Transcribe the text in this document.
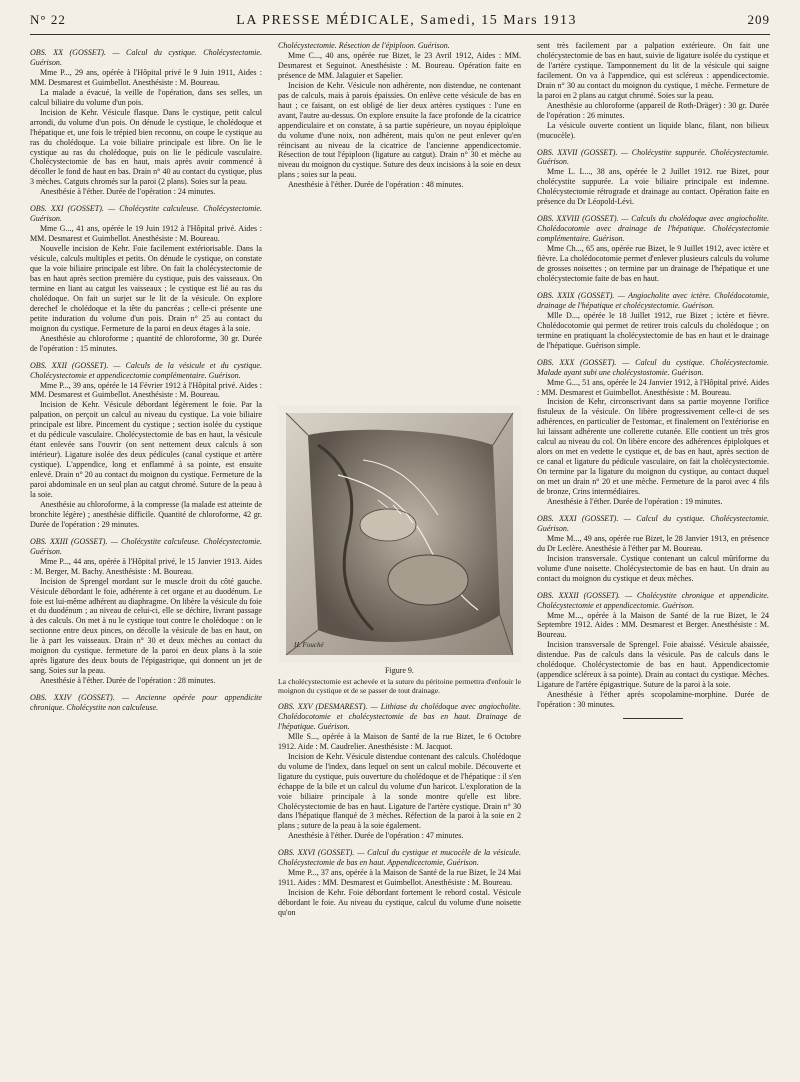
N° 22	LA PRESSE MÉDICALE, Samedi, 15 Mars 1913	209

OBS. XX (GOSSET). — Calcul du cystique. Cholécystectomie. Guérison.

Mme P..., 29 ans, opérée à l'Hôpital privé le 9 Juin 1911, Aides : MM. Desmarest et Guimbellot. Anesthésiste : M. Boureau.

La malade a évacué, la veille de l'opération, dans ses selles, un calcul biliaire du volume d'un pois.

Incision de Kehr. Vésicule flasque. Dans le cystique, petit calcul arrondi, du volume d'un pois. On dénude le cystique, le cholédoque et l'hépatique et, une fois le trépied bien reconnu, on coupe le cystique au ras du cholédoque. La voie biliaire principale est libre. On lie le cystique au ras du cholédoque, puis on lie le pédicule vasculaire. Cholécystectomie de bas en haut, mais après avoir commencé à décoller le fond de haut en bas. Drain n° 40 au contact du cystique, plus 3 mèches. Catguts chromés sur la paroi (2 plans). Soies sur la peau.

Anesthésie à l'éther. Durée de l'opération : 24 minutes.

OBS. XXI (GOSSET). — Cholécystite calculeuse. Cholécystectomie. Guérison.

Mme G..., 41 ans, opérée le 19 Juin 1912 à l'Hôpital privé. Aides : MM. Desmarest et Guimbellot. Anesthésiste : M. Boureau.

Nouvelle incision de Kehr. Foie facilement extériorisable. Dans la vésicule, calculs multiples et petits. On dénude le cystique, on constate que la voie biliaire principale est libre. On fait la cholécystectomie de bas en haut après section première du cystique, puis des vaisseaux. On termine en liant au catgut les vaisseaux ; le cystique est lié au ras du cholédoque. On fait un surjet sur le lit de la vésicule. On explore derechef le cholédoque et la tête du pancréas ; celle-ci présente une petite induration du volume d'un pois. Drain n° 25 au contact du moignon du cystique. Fermeture de la paroi en deux étages à la soie.

Anesthésie au chloroforme ; quantité de chloroforme, 30 gr. Durée de l'opération : 15 minutes.

OBS. XXII (GOSSET). — Calculs de la vésicule et du cystique. Cholécystectomie et appendicectomie complémentaire. Guérison.

Mme P..., 39 ans, opérée le 14 Février 1912 à l'Hôpital privé. Aides : MM. Desmarest et Guimbellot. Anesthésiste : M. Boureau.

Incision de Kehr. Vésicule débordant légèrement le foie. Par la palpation, on perçoit un calcul au niveau du cystique. La voie biliaire principale est libre. Pincement du cystique ; section isolée du cystique et du pédicule vasculaire. Cholécystectomie de bas en haut, la vésicule étant enlevée sans l'ouvrir (on sent nettement deux calculs à son intérieur). Ligature isolée des deux pédicules (canal cystique et artère cystique). L'appendice, long et enflammé à sa pointe, est ensuite enlevé. Drain n° 20 au contact du moignon du cystique. Fermeture de la paroi abdominale en un seul plan au catgut chromé. Suture de la peau à la soie.

Anesthésie au chloroforme, à la compresse (la malade est atteinte de bronchite légère) ; anesthésie difficile. Quantité de chloroforme, 42 gr. Durée de l'opération : 29 minutes.

OBS. XXIII (GOSSET). — Cholécystite calculeuse. Cholécystectomie. Guérison.

Mme P..., 44 ans, opérée à l'Hôpital privé, le 15 Janvier 1913. Aides : M. Berger, M. Bachy. Anesthésiste : M. Boureau.

Incision de Sprengel mordant sur le muscle droit du côté gauche. Vésicule débordant le foie, adhérente à cet organe et au duodénum. Le foie est lui-même adhérent au diaphragme. On libère la vésicule du foie et du duodénum ; au niveau de celui-ci, elle se déchire, livrant passage à des calculs. On met à nu le cystique tout contre le cholédoque : on le sectionne entre deux pinces, on décolle la vésicule de bas en haut, on lie à part les vaisseaux. Drain n° 30 et deux mèches au contact du moignon du cystique. fermeture de la paroi en deux plans à la soie après ligature des deux bouts de l'épigastrique, qui donnent un jet de sang. Soies sur la peau.

Anesthésie à l'éther. Durée de l'opération : 28 minutes.

OBS. XXIV (GOSSET). — Ancienne opérée pour appendicite chronique. Cholécystite non calculeuse.

Cholécystectomie. Résection de l'épiploon. Guérison.

Mme C..., 40 ans, opérée rue Bizet, le 23 Avril 1912, Aides : MM. Desmarest et Seguinot. Anesthésiste : M. Boureau. Opération faite en présence de MM. Jalaguier et Sapelier.

Incision de Kehr. Vésicule non adhérente, non distendue, ne contenant pas de calculs, mais à parois épaissies. On enlève cette vésicule de bas en haut ; ce faisant, on est obligé de lier deux artères cystiques : l'une en avant, l'autre au-dessus. On explore ensuite la face profonde de la cicatrice appendiculaire et on constate, à sa partie supérieure, un noyau épiploïque du volume d'une noix, non adhérent, mais qu'on ne peut enlever qu'en réincisant au niveau de la cicatrice de l'ancienne appendicectomie. Résection de tout l'épiploon (ligature au catgut). Drain n° 30 et mèche au niveau du moignon du cystique. Suture des deux incisions à la soie en deux plans ; soies sur la peau.

Anesthésie à l'éther. Durée de l'opération : 48 minutes.

H. Fouché
Figure 9.
La cholécystectomie est achevée et la suture du péritoine permettra d'enfouir le moignon du cystique et de se passer de tout drainage.

OBS. XXV (DESMAREST). — Lithiase du cholédoque avec angiocholite. Cholédocotomie et cholécystectomie de bas en haut. Drainage de l'hépatique. Guérison.

Mlle S..., opérée à la Maison de Santé de la rue Bizet, le 6 Octobre 1912. Aide : M. Caudrelier. Anesthésiste : M. Jacquot.

Incision de Kehr. Vésicule distendue contenant des calculs. Cholédoque du volume de l'index, dans lequel on sent un calcul mobile. Découverte et ligature du cystique, puis ouverture du cholédoque et de l'hépatique : il s'en échappe de la bile et un calcul du volume d'un haricot. L'exploration de la voie biliaire principale à la sonde montre qu'elle est libre. Cholécystectomie de bas en haut. Ligature de l'artère cystique. Drain n° 30 dans l'hépatique flanqué de 3 mèches. Réfection de la paroi à la soie en 2 plans ; suture de la peau à la soie également.

Anesthésie à l'éther. Durée de l'opération : 47 minutes.

OBS. XXVI (GOSSET). — Calcul du cystique et mucocèle de la vésicule. Cholécystectomie de bas en haut. Appendicectomie, Guérison.

Mme P..., 37 ans, opérée à la Maison de Santé de la rue Bizet, le 24 Mai 1911. Aides : MM. Desmarest et Guimbellot. Anesthésiste : M. Boureau.

Incision de Kehr. Foie débordant fortement le rebord costal. Vésicule débordant le foie. Au niveau du cystique, calcul du volume d'une noisette qu'on

sent très facilement par a palpation extérieure. On fait une cholécystectomie de bas en haut, suivie de ligature isolée du cystique et de l'artère cystique. Tamponnement du lit de la vésicule qui saigne facilement. On va à l'appendice, qui est scléreux : appendicectomie. Drain n° 30 au contact du moignon du cystique, 1 mèche. Fermeture de la paroi en 2 plans au catgut chromé. Soies sur la peau.

Anesthésie au chloroforme (appareil de Roth-Dräger) : 30 gr. Durée de l'opération : 26 minutes.

La vésicule ouverte contient un liquide blanc, filant, non bilieux (mucocèle).

OBS. XXVII (GOSSET). — Cholécystite suppurée. Cholécystectomie. Guérison.

Mme L. L..., 38 ans, opérée le 2 Juillet 1912. rue Bizet, pour cholécystite suppurée. La voie biliaire principale est indemne. Cholécystectomie rétrograde et drainage au contact. Opération faite en présence du Dr Léopold-Lévi.

OBS. XXVIII (GOSSET). — Calculs du cholédoque avec angiocholite. Cholédocotomie avec drainage de l'hépatique. Cholécystectomie complémentaire. Guérison.

Mme Ch..., 65 ans, opérée rue Bizet, le 9 Juillet 1912, avec ictère et fièvre. La cholédocotomie permet d'enlever plusieurs calculs du volume de grosses noisettes ; on termine par un drainage de l'hépatique et une cholécystectomie faite de bas en haut.

OBS. XXIX (GOSSET). — Angiocholite avec ictère. Cholédocotomie, drainage de l'hépatique et cholécystectomie. Guérison.

Mlle D..., opérée le 18 Juillet 1912, rue Bizet ; ictère et fièvre. Cholédocotomie qui permet de retirer trois calculs du cholédoque ; on termine en pratiquant la cholécystectomie de bas en haut et le drainage de l'hépatique. Guérison simple.

OBS. XXX (GOSSET). — Calcul du cystique. Cholécystectomie. Malade ayant subi une cholécystostomie. Guérison.

Mme G..., 51 ans, opérée le 24 Janvier 1912, à l'Hôpital privé. Aides : MM. Desmarest et Guimbellot. Anesthésiste : M. Boureau.

Incision de Kehr, circonscrivant dans sa partie moyenne l'orifice fistuleux de la vésicule. On libère progressivement celle-ci de ses adhérences, en particulier de l'estomac, et finalement on l'extériorise en lui laissant adhérente une collerette cutanée. Elle contient un très gros calcul au niveau du col. On libère encore des adhérences épiploïques et alors on met en vedette le cystique et, de bas en haut, après section de ce canal et ligature du pédicule vasculaire, on fait la cholécystectomie. On termine par la ligature du moignon du cystique, au contact duquel on met un drain n° 20 et une mèche. Fermeture de la paroi avec 4 fils de bronze, Crins intermédiaires.

Anesthésie à l'éther. Durée de l'opération : 19 minutes.

OBS. XXXI (GOSSET). — Calcul du cystique. Cholécystectomie. Guérison.

Mme M..., 49 ans, opérée rue Bizet, le 28 Janvier 1913, en présence du Dr Leclère. Anesthésie à l'éther par M. Boureau.

Incision transversale. Cystique contenant un calcul mûriforme du volume d'une noisette. Cholécystectomie de bas en haut. Un drain au contact du moignon du cystique et deux mèches.

OBS. XXXII (GOSSET). — Cholécystite chronique et appendicite. Cholécystectomie et appendicectomie. Guérison.

Mme M..., opérée à la Maison de Santé de la rue Bizet, le 24 Septembre 1912. Aides : MM. Desmarest et Berger. Anesthésiste : M. Boureau.

Incision transversale de Sprengel. Foie abaissé. Vésicule abaissée, distendue. Pas de calculs dans la vésicule. Pas de calculs dans le cholédoque. Cholécystectomie de bas en haut. Appendicectomie (appendice scléreux à sa pointe). Drain au contact du cystique. Mèches. Ligature de l'artère épigastrique. Suture de la paroi à la soie.

Anesthésie à l'éther après scopolamine-morphine. Durée de l'opération : 30 minutes.
